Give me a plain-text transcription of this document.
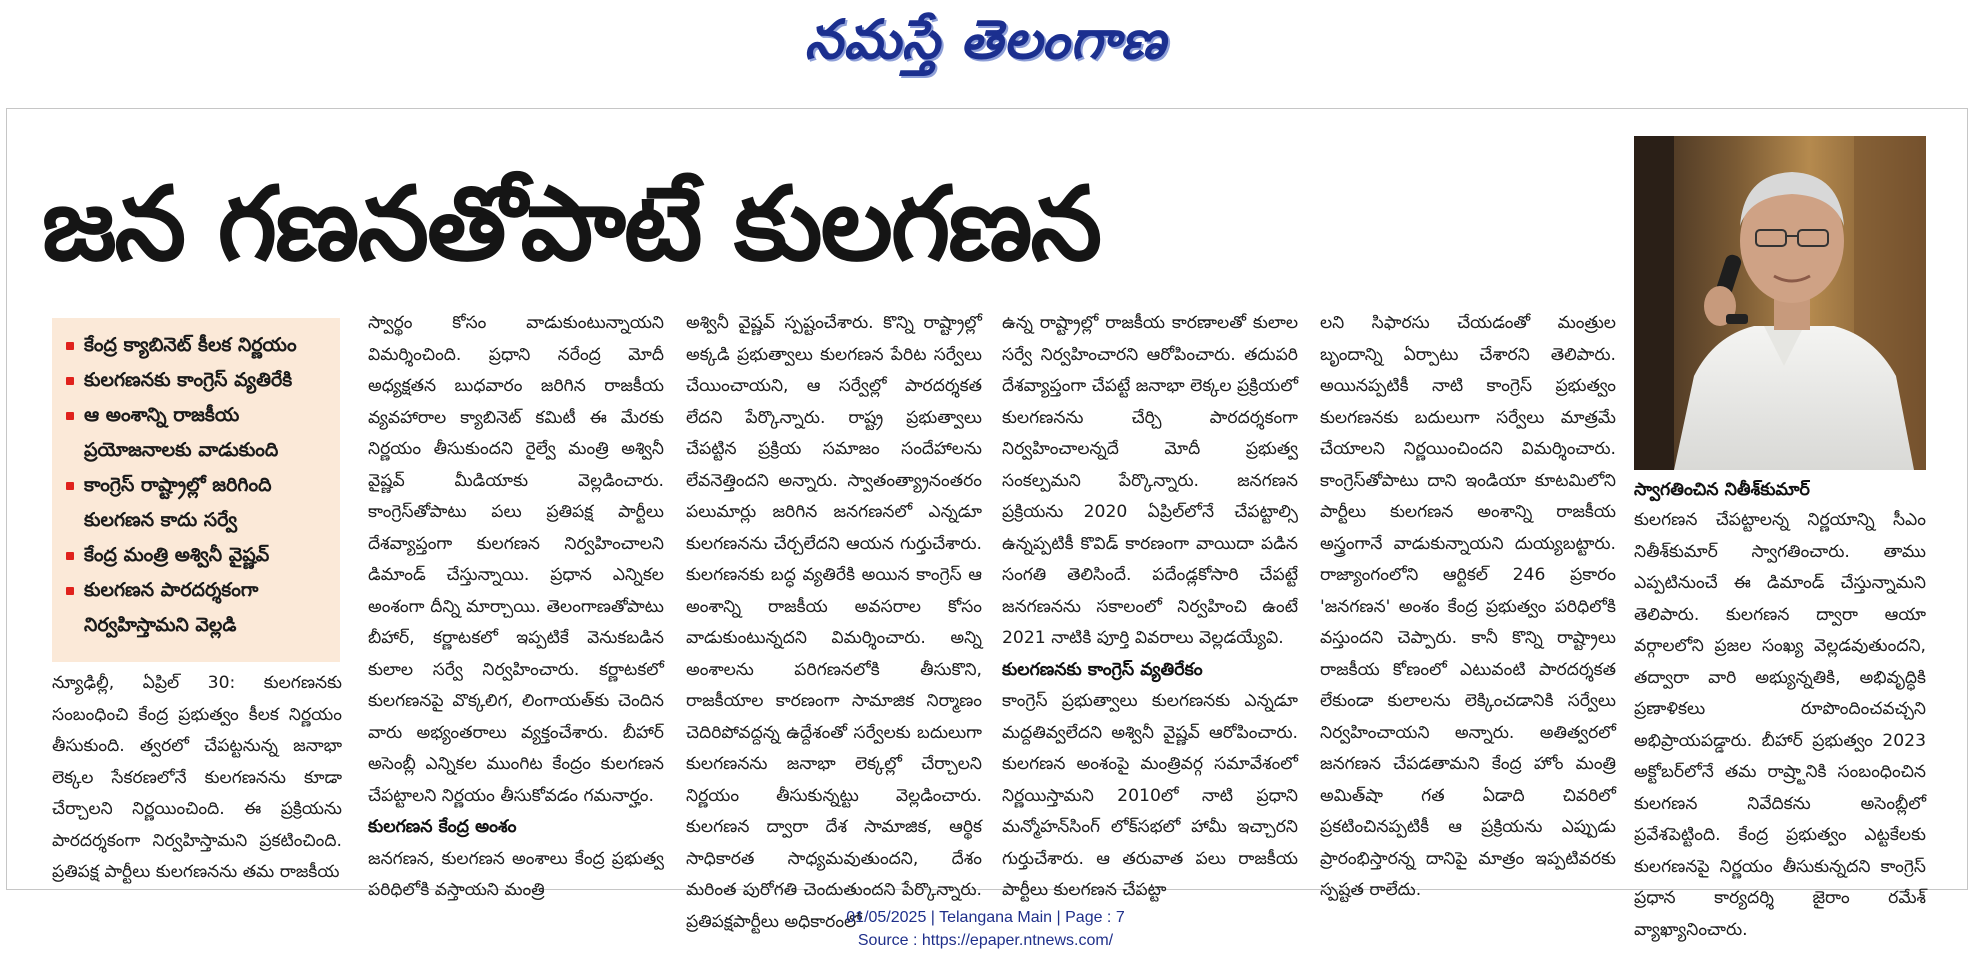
నమస్తే తెలంగాణ
జన గణనతోపాటే కులగణన
కేంద్ర క్యాబినెట్ కీలక నిర్ణయం
కులగణనకు కాంగ్రెస్ వ్యతిరేకి
ఆ అంశాన్ని రాజకీయ ప్రయోజనాలకు వాడుకుంది
కాంగ్రెస్ రాష్ట్రాల్లో జరిగింది కులగణన కాదు సర్వే
కేంద్ర మంత్రి అశ్వినీ వైష్ణవ్
కులగణన పారదర్శకంగా నిర్వహిస్తామని వెల్లడి

న్యూఢిల్లీ, ఏప్రిల్ 30: కులగణనకు సంబంధించి కేంద్ర ప్రభుత్వం కీలక నిర్ణయం తీసుకుంది. త్వరలో చేపట్టనున్న జనాభా లెక్కల సేకరణలోనే కులగణనను కూడా చేర్చాలని నిర్ణయించింది. ఈ ప్రక్రియను పారదర్శకంగా నిర్వహిస్తామని ప్రకటించింది. ప్రతిపక్ష పార్టీలు కులగణనను తమ రాజకీయ

స్వార్థం కోసం వాడుకుంటున్నాయని విమర్శించింది. ప్రధాని నరేంద్ర మోదీ అధ్యక్షతన బుధవారం జరిగిన రాజకీయ వ్యవహారాల క్యాబినెట్ కమిటీ ఈ మేరకు నిర్ణయం తీసుకుందని రైల్వే మంత్రి అశ్వినీ వైష్ణవ్ మీడియాకు వెల్లడించారు. కాంగ్రెస్‌తోపాటు పలు ప్రతిపక్ష పార్టీలు దేశవ్యాప్తంగా కులగణన నిర్వహించాలని డిమాండ్ చేస్తున్నాయి. ప్రధాన ఎన్నికల అంశంగా దీన్ని మార్చాయి. తెలంగాణతోపాటు బీహార్, కర్ణాటకలో ఇప్పటికే వెనుకబడిన కులాల సర్వే నిర్వహించారు. కర్ణాటకలో కులగణనపై వొక్కలిగ, లింగాయత్‌కు చెందిన వారు అభ్యంతరాలు వ్యక్తంచేశారు. బీహార్ అసెంబ్లీ ఎన్నికల ముంగిట కేంద్రం కులగణన చేపట్టాలని నిర్ణయం తీసుకోవడం గమనార్హం.

కులగణన కేంద్ర అంశం

జనగణన, కులగణన అంశాలు కేంద్ర ప్రభుత్వ పరిధిలోకి వస్తాయని మంత్రి

అశ్వినీ వైష్ణవ్ స్పష్టంచేశారు. కొన్ని రాష్ట్రాల్లో అక్కడి ప్రభుత్వాలు కులగణన పేరిట సర్వేలు చేయించాయని, ఆ సర్వేల్లో పారదర్శకత లేదని పేర్కొన్నారు. రాష్ట్ర ప్రభుత్వాలు చేపట్టిన ప్రక్రియ సమాజం సందేహాలను లేవనెత్తిందని అన్నారు. స్వాతంత్య్రానంతరం పలుమార్లు జరిగిన జనగణనలో ఎన్నడూ కులగణనను చేర్చలేదని ఆయన గుర్తుచేశారు. కులగణనకు బద్ధ వ్యతిరేకి అయిన కాంగ్రెస్ ఆ అంశాన్ని రాజకీయ అవసరాల కోసం వాడుకుంటున్నదని విమర్శించారు. అన్ని అంశాలను పరిగణనలోకి తీసుకొని, రాజకీయాల కారణంగా సామాజిక నిర్మాణం చెదిరిపోవద్దన్న ఉద్దేశంతో సర్వేలకు బదులుగా కులగణనను జనాభా లెక్కల్లో చేర్చాలని నిర్ణయం తీసుకున్నట్టు వెల్లడించారు. కులగణన ద్వారా దేశ సామాజిక, ఆర్థిక సాధికారత సాధ్యమవుతుందని, దేశం మరింత పురోగతి చెందుతుందని పేర్కొన్నారు. ప్రతిపక్షపార్టీలు అధికారంలో

ఉన్న రాష్ట్రాల్లో రాజకీయ కారణాలతో కులాల సర్వే నిర్వహించారని ఆరోపించారు. తదుపరి దేశవ్యాప్తంగా చేపట్టే జనాభా లెక్కల ప్రక్రియలో కులగణనను చేర్చి పారదర్శకంగా నిర్వహించాలన్నదే మోదీ ప్రభుత్వ సంకల్పమని పేర్కొన్నారు. జనగణన ప్రక్రియను 2020 ఏప్రిల్‌లోనే చేపట్టాల్సి ఉన్నప్పటికీ కొవిడ్ కారణంగా వాయిదా పడిన సంగతి తెలిసిందే. పదేండ్లకోసారి చేపట్టే జనగణనను సకాలంలో నిర్వహించి ఉంటే 2021 నాటికి పూర్తి వివరాలు వెల్లడయ్యేవి.

కులగణనకు కాంగ్రెస్ వ్యతిరేకం

కాంగ్రెస్ ప్రభుత్వాలు కులగణనకు ఎన్నడూ మద్దతివ్వలేదని అశ్వినీ వైష్ణవ్ ఆరోపించారు. కులగణన అంశంపై మంత్రివర్గ సమావేశంలో నిర్ణయిస్తామని 2010లో నాటి ప్రధాని మన్మోహన్‌సింగ్ లోక్‌సభలో హామీ ఇచ్చారని గుర్తుచేశారు. ఆ తరువాత పలు రాజకీయ పార్టీలు కులగణన చేపట్టా

లని సిఫారసు చేయడంతో మంత్రుల బృందాన్ని ఏర్పాటు చేశారని తెలిపారు. అయినప్పటికీ నాటి కాంగ్రెస్ ప్రభుత్వం కులగణనకు బదులుగా సర్వేలు మాత్రమే చేయాలని నిర్ణయించిందని విమర్శించారు. కాంగ్రెస్‌తోపాటు దాని ఇండియా కూటమిలోని పార్టీలు కులగణన అంశాన్ని రాజకీయ అస్త్రంగానే వాడుకున్నాయని దుయ్యబట్టారు. రాజ్యాంగంలోని ఆర్టికల్ 246 ప్రకారం 'జనగణన' అంశం కేంద్ర ప్రభుత్వం పరిధిలోకి వస్తుందని చెప్పారు. కానీ కొన్ని రాష్ట్రాలు రాజకీయ కోణంలో ఎటువంటి పారదర్శకత లేకుండా కులాలను లెక్కించడానికి సర్వేలు నిర్వహించాయని అన్నారు. అతిత్వరలో జనగణన చేపడతామని కేంద్ర హోం మంత్రి అమిత్‌షా గత ఏడాది చివరిలో ప్రకటించినప్పటికీ ఆ ప్రక్రియను ఎప్పుడు ప్రారంభిస్తారన్న దానిపై మాత్రం ఇప్పటివరకు స్పష్టత రాలేదు.

స్వాగతించిన నితీశ్‌కుమార్

కులగణన చేపట్టాలన్న నిర్ణయాన్ని సీఎం నితీశ్‌కుమార్ స్వాగతించారు. తాము ఎప్పటినుంచే ఈ డిమాండ్ చేస్తున్నామని తెలిపారు. కులగణన ద్వారా ఆయా వర్గాలలోని ప్రజల సంఖ్య వెల్లడవుతుందని, తద్వారా వారి అభ్యున్నతికి, అభివృద్ధికి ప్రణాళికలు రూపొందించవచ్చని అభిప్రాయపడ్డారు. బీహార్ ప్రభుత్వం 2023 అక్టోబర్‌లోనే తమ రాష్ర్టానికి సంబంధించిన కులగణన నివేదికను అసెంబ్లీలో ప్రవేశపెట్టింది. కేంద్ర ప్రభుత్వం ఎట్టకేలకు కులగణనపై నిర్ణయం తీసుకున్నదని కాంగ్రెస్ ప్రధాన కార్యదర్శి జైరాం రమేశ్ వ్యాఖ్యానించారు.

01/05/2025 | Telangana Main | Page : 7
Source : https://epaper.ntnews.com/
